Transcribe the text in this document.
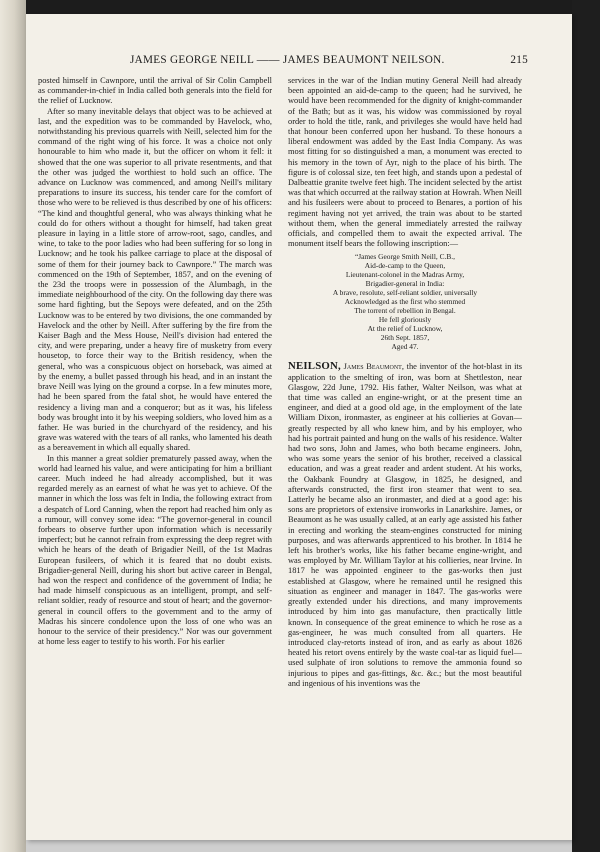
JAMES GEORGE NEILL —— JAMES BEAUMONT NEILSON.	215

posted himself in Cawnpore, until the arrival of Sir Colin Campbell as commander-in-chief in India called both generals into the field for the relief of Lucknow.

After so many inevitable delays that object was to be achieved at last, and the expedition was to be commanded by Havelock, who, notwithstanding his previous quarrels with Neill, selected him for the command of the right wing of his force. It was a choice not only honourable to him who made it, but the officer on whom it fell: it showed that the one was superior to all private resentments, and that the other was judged the worthiest to hold such an office. The advance on Lucknow was commenced, and among Neill's military preparations to insure its success, his tender care for the comfort of those who were to be relieved is thus described by one of his officers: “The kind and thoughtful general, who was always thinking what he could do for others without a thought for himself, had taken great pleasure in laying in a little store of arrow-root, sago, candles, and wine, to take to the poor ladies who had been suffering for so long in Lucknow; and he took his palkee carriage to place at the disposal of some of them for their journey back to Cawnpore.” The march was commenced on the 19th of September, 1857, and on the evening of the 23d the troops were in possession of the Alumbagh, in the immediate neighbourhood of the city. On the following day there was some hard fighting, but the Sepoys were defeated, and on the 25th Lucknow was to be entered by two divisions, the one commanded by Havelock and the other by Neill. After suffering by the fire from the Kaiser Bagh and the Mess House, Neill's division had entered the city, and were preparing, under a heavy fire of musketry from every housetop, to force their way to the British residency, when the general, who was a conspicuous object on horseback, was aimed at by the enemy, a bullet passed through his head, and in an instant the brave Neill was lying on the ground a corpse. In a few minutes more, had he been spared from the fatal shot, he would have entered the residency a living man and a conqueror; but as it was, his lifeless body was brought into it by his weeping soldiers, who loved him as a father. He was buried in the churchyard of the residency, and his grave was watered with the tears of all ranks, who lamented his death as a bereavement in which all equally shared.

In this manner a great soldier prematurely passed away, when the world had learned his value, and were anticipating for him a brilliant career. Much indeed he had already accomplished, but it was regarded merely as an earnest of what he was yet to achieve. Of the manner in which the loss was felt in India, the following extract from a despatch of Lord Canning, when the report had reached him only as a rumour, will convey some idea: “The governor-general in council forbears to observe further upon information which is necessarily imperfect; but he cannot refrain from expressing the deep regret with which he hears of the death of Brigadier Neill, of the 1st Madras European fusileers, of which it is feared that no doubt exists. Brigadier-general Neill, during his short but active career in Bengal, had won the respect and confidence of the government of India; he had made himself conspicuous as an intelligent, prompt, and self-reliant soldier, ready of resource and stout of heart; and the governor-general in council offers to the government and to the army of Madras his sincere condolence upon the loss of one who was an honour to the service of their presidency.” Nor was our government at home less eager to testify to his worth. For his earlier

services in the war of the Indian mutiny General Neill had already been appointed an aid-de-camp to the queen; had he survived, he would have been recommended for the dignity of knight-commander of the Bath; but as it was, his widow was commissioned by royal order to hold the title, rank, and privileges she would have held had that honour been conferred upon her husband. To these honours a liberal endowment was added by the East India Company. As was most fitting for so distinguished a man, a monument was erected to his memory in the town of Ayr, nigh to the place of his birth. The figure is of colossal size, ten feet high, and stands upon a pedestal of Dalbeattie granite twelve feet high. The incident selected by the artist was that which occurred at the railway station at Howrah. When Neill and his fusileers were about to proceed to Benares, a portion of his regiment having not yet arrived, the train was about to be started without them, when the general immediately arrested the railway officials, and compelled them to await the expected arrival. The monument itself bears the following inscription:—

“James George Smith Neill, C.B.,
Aid-de-camp to the Queen,
Lieutenant-colonel in the Madras Army,
Brigadier-general in India:
A brave, resolute, self-reliant soldier, universally
Acknowledged as the first who stemmed
The torrent of rebellion in Bengal.
He fell gloriously
At the relief of Lucknow,
26th Sept. 1857,
Aged 47.

NEILSON, James Beaumont, the inventor of the hot-blast in its application to the smelting of iron, was born at Shettleston, near Glasgow, 22d June, 1792. His father, Walter Neilson, was what at that time was called an engine-wright, or at the present time an engineer, and died at a good old age, in the employment of the late William Dixon, ironmaster, as engineer at his collieries at Govan—greatly respected by all who knew him, and by his employer, who had his portrait painted and hung on the walls of his residence. Walter had two sons, John and James, who both became engineers. John, who was some years the senior of his brother, received a classical education, and was a great reader and ardent student. At his works, the Oakbank Foundry at Glasgow, in 1825, he designed, and afterwards constructed, the first iron steamer that went to sea. Latterly he became also an ironmaster, and died at a good age: his sons are proprietors of extensive ironworks in Lanarkshire. James, or Beaumont as he was usually called, at an early age assisted his father in erecting and working the steam-engines constructed for mining purposes, and was afterwards apprenticed to his brother. In 1814 he left his brother's works, like his father became engine-wright, and was employed by Mr. William Taylor at his collieries, near Irvine. In 1817 he was appointed engineer to the gas-works then just established at Glasgow, where he remained until he resigned this situation as engineer and manager in 1847. The gas-works were greatly extended under his directions, and many improvements introduced by him into gas manufacture, then practically little known. In consequence of the great eminence to which he rose as a gas-engineer, he was much consulted from all quarters. He introduced clay-retorts instead of iron, and as early as about 1826 heated his retort ovens entirely by the waste coal-tar as liquid fuel—used sulphate of iron solutions to remove the ammonia found so injurious to pipes and gas-fittings, &c. &c.; but the most beautiful and ingenious of his inventions was the
